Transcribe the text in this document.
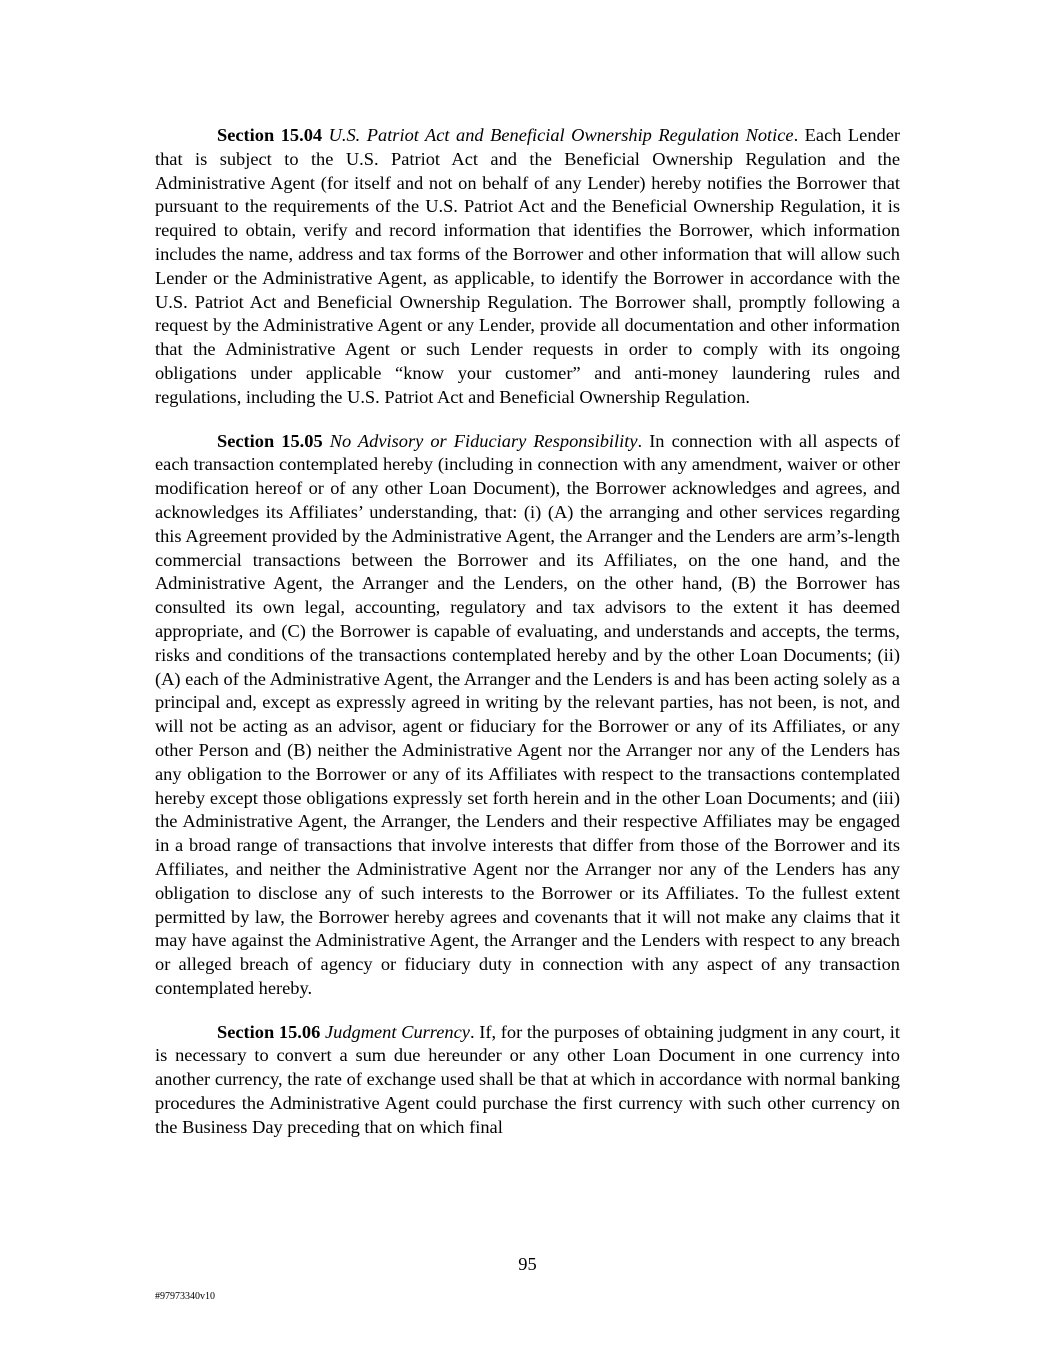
Section 15.04 U.S. Patriot Act and Beneficial Ownership Regulation Notice. Each Lender that is subject to the U.S. Patriot Act and the Beneficial Ownership Regulation and the Administrative Agent (for itself and not on behalf of any Lender) hereby notifies the Borrower that pursuant to the requirements of the U.S. Patriot Act and the Beneficial Ownership Regulation, it is required to obtain, verify and record information that identifies the Borrower, which information includes the name, address and tax forms of the Borrower and other information that will allow such Lender or the Administrative Agent, as applicable, to identify the Borrower in accordance with the U.S. Patriot Act and Beneficial Ownership Regulation. The Borrower shall, promptly following a request by the Administrative Agent or any Lender, provide all documentation and other information that the Administrative Agent or such Lender requests in order to comply with its ongoing obligations under applicable “know your customer” and anti-money laundering rules and regulations, including the U.S. Patriot Act and Beneficial Ownership Regulation.

Section 15.05 No Advisory or Fiduciary Responsibility. In connection with all aspects of each transaction contemplated hereby (including in connection with any amendment, waiver or other modification hereof or of any other Loan Document), the Borrower acknowledges and agrees, and acknowledges its Affiliates’ understanding, that: (i) (A) the arranging and other services regarding this Agreement provided by the Administrative Agent, the Arranger and the Lenders are arm’s-length commercial transactions between the Borrower and its Affiliates, on the one hand, and the Administrative Agent, the Arranger and the Lenders, on the other hand, (B) the Borrower has consulted its own legal, accounting, regulatory and tax advisors to the extent it has deemed appropriate, and (C) the Borrower is capable of evaluating, and understands and accepts, the terms, risks and conditions of the transactions contemplated hereby and by the other Loan Documents; (ii) (A) each of the Administrative Agent, the Arranger and the Lenders is and has been acting solely as a principal and, except as expressly agreed in writing by the relevant parties, has not been, is not, and will not be acting as an advisor, agent or fiduciary for the Borrower or any of its Affiliates, or any other Person and (B) neither the Administrative Agent nor the Arranger nor any of the Lenders has any obligation to the Borrower or any of its Affiliates with respect to the transactions contemplated hereby except those obligations expressly set forth herein and in the other Loan Documents; and (iii) the Administrative Agent, the Arranger, the Lenders and their respective Affiliates may be engaged in a broad range of transactions that involve interests that differ from those of the Borrower and its Affiliates, and neither the Administrative Agent nor the Arranger nor any of the Lenders has any obligation to disclose any of such interests to the Borrower or its Affiliates. To the fullest extent permitted by law, the Borrower hereby agrees and covenants that it will not make any claims that it may have against the Administrative Agent, the Arranger and the Lenders with respect to any breach or alleged breach of agency or fiduciary duty in connection with any aspect of any transaction contemplated hereby.

Section 15.06 Judgment Currency. If, for the purposes of obtaining judgment in any court, it is necessary to convert a sum due hereunder or any other Loan Document in one currency into another currency, the rate of exchange used shall be that at which in accordance with normal banking procedures the Administrative Agent could purchase the first currency with such other currency on the Business Day preceding that on which final

95
#97973340v10
